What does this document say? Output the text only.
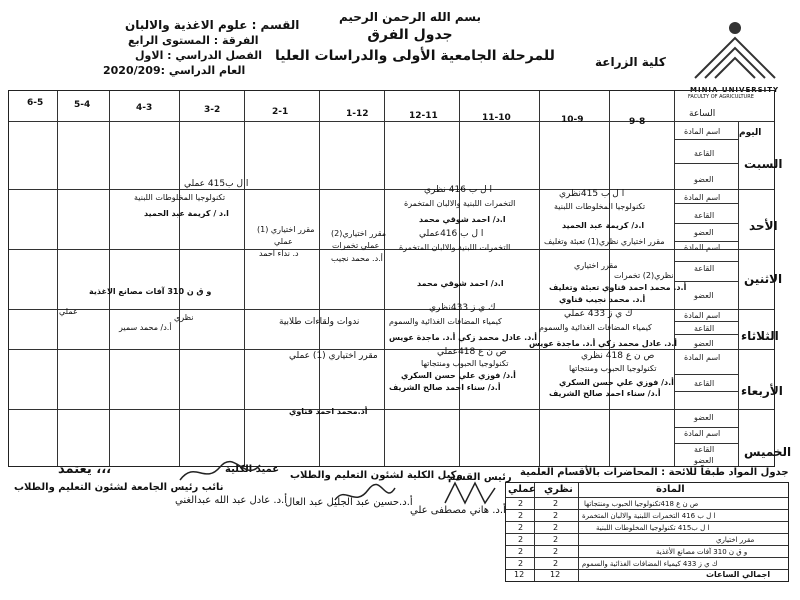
القسم : علوم الاغذية والالبان
الفرقة : المستوى الرابع
الفصل الدراسي : الاول
العام الدراسي :2020/209
بسم الله الرحمن الرحيم
جدول الفرق
للمرحلة الجامعية الأولى والدراسات العليا	كلية الزراعة
MINIA UNIVERSITY
FACULTY OF AGRICULTURE
الساعة
اليوم
9-8
10-9
11-10
12-11
1-12
2-1
3-2
4-3
5-4
6-5
السبت
الأحد
الاثنين
الثلاثاء
الأربعاء
الخميس
اسم المادة
القاعة
العضو
اسم المادة
القاعة
العضو
اسم المادة
القاعة
العضو
اسم المادة
القاعة
العضو
اسم المادة
القاعة
العضو
اسم المادة
القاعة
العضو
ا ل ب 415نظري
تكنولوجيا المخلوطات اللبنية
ا ل ب 416 نظري
التخمرات اللبنية والالبان المتخمرة
ا ل ب415 عملي
تكنولوجيا المخلوطات اللبنية
ا.د/ كريمة عبد الحميد
ا.د/ احمد شوقي محمد
ا.د / كريمة عبد الحميد
مقرر اختياري (1)
عملي
د. نداء احمد
مقرر اختياري(2)
عملي تخمرات
أ.د. محمد نجيب
مقرر اختياري نظري(1) تعبئة وتغليف
مقرر اختياري
نظري(2) تخمرات
ا ل ب 416عملي
التخمرات اللبنية والالبان المتخمرة
أ.د. محمد احمد قناوي تعبئة وتغليف
أ.د. محمد نجيب قناوي
ا.د/ احمد شوقي محمد
و ق ن 310 آفات مصانع الاغذية
نظري
عملي
أ.د/ محمد سمير
ك ي ز 433 عملي
كيمياء المضافات الغذائية والسموم
ك ي ز 433نظري
كيمياء المضافات الغذائية والسموم
ندوات ولقاءات طلابية
أ.د. عادل محمد زكي أ.د. ماجدة عويس
أ.د. عادل محمد زكي أ.د. ماجدة عويس
ص ن ع 418 نظري
تكنولوجيا الحبوب ومنتجاتها
ص ن ع 418عملي
تكنولوجيا الحبوب ومنتجاتها
مقرر اختياري (1) عملي
أ.د/ فوزي علي حسن السكري
أ.د/ سناء احمد صالح الشريف
أ.د/ فوزي علي حسن السكري
أ.د/ سناء احمد صالح الشريف
أد.محمد احمد قناوي
جدول المواد طبقاً للائحة : المحاضرات بالأقسام العلمية
المادة
نظري
عملي
ص ن ع 418تكنولوجيا الحبوب ومنتجاتها
2
2
ا ل ب 416 التخمرات اللبنية والالبان المتخمرة
2
2
ا ل ب415 تكنولوجيا المخلوطات اللبنية
2
2
مقرر اختياري
2
2
و ق ن 310 آفات مصانع الأغذية
2
2
ك ي ز 433 كيمياء المضافات الغذائية والسموم
2
2
اجمالي الساعات
12
12
يعتمد ،،،
نائب رئيس الجامعة لشئون التعليم والطلاب
عميد الكلية
أ.د. عادل عبد الله عبدالغني
وكيل الكلية لشئون التعليم والطلاب
أ.د.حسين عبد الجليل عبد العال
رئيس القسم
أ.د. هاني مصطفى علي
